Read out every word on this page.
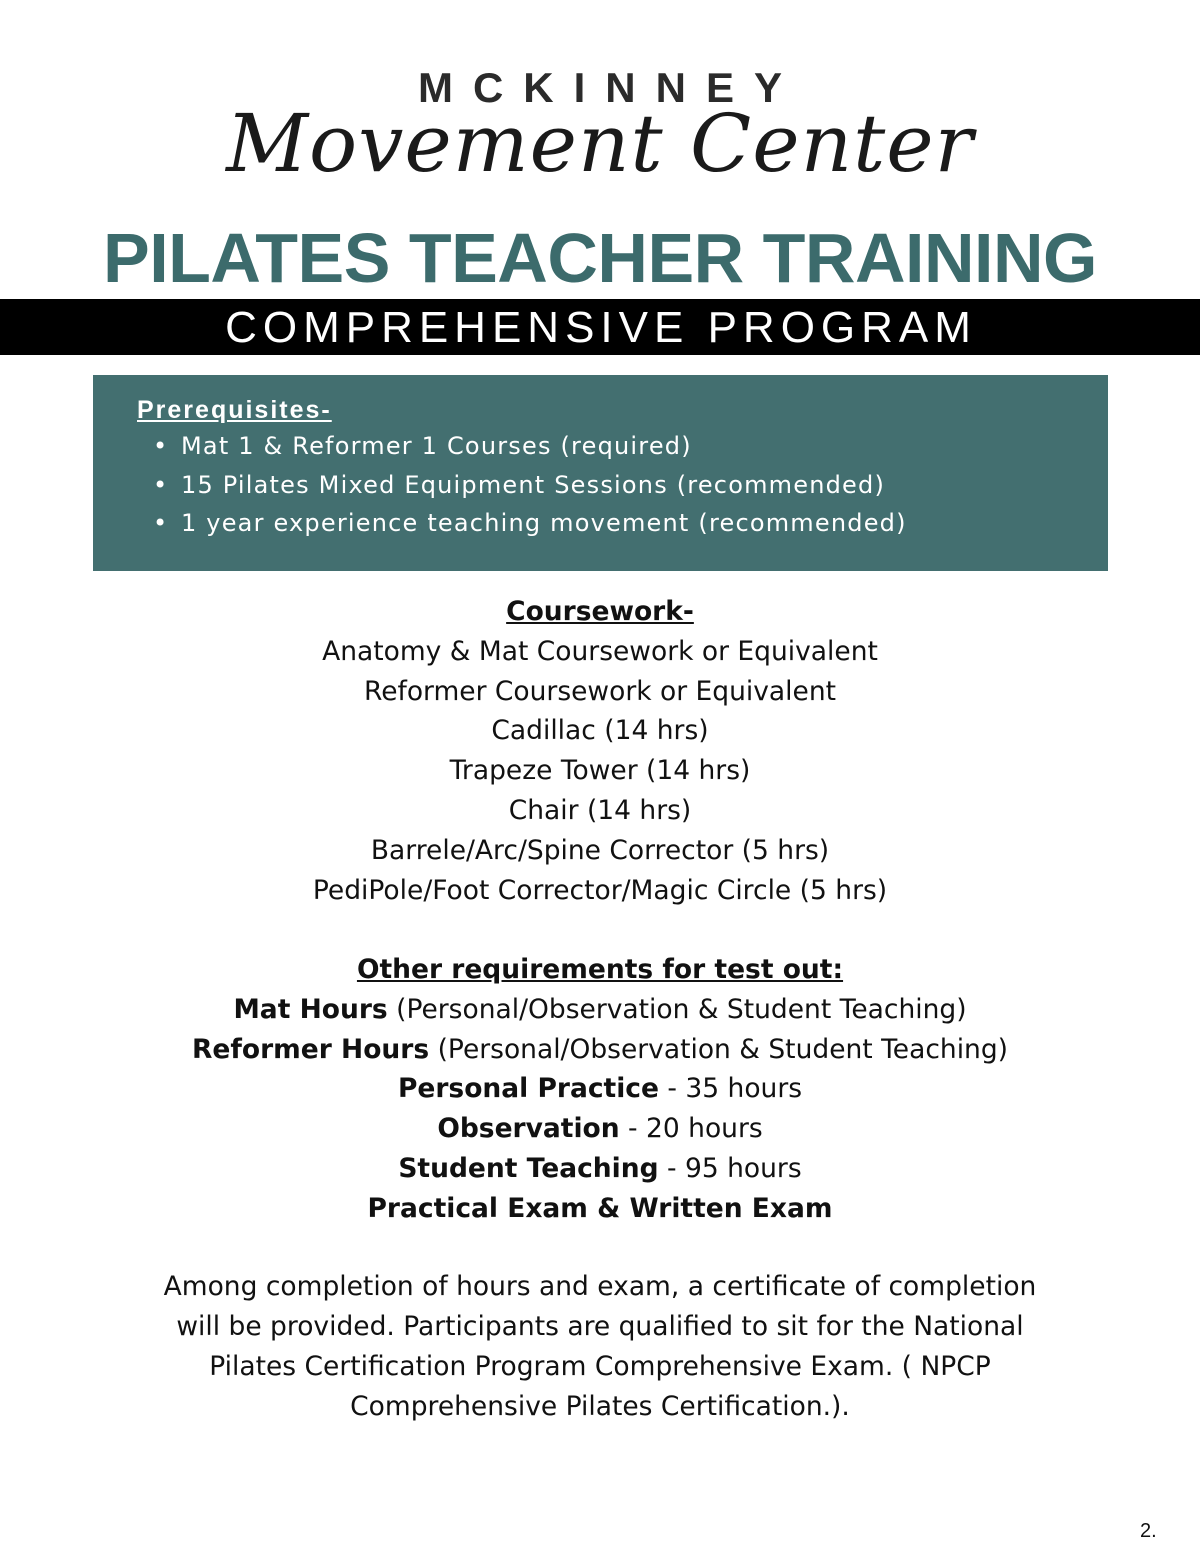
MCKINNEY
Movement Center
PILATES TEACHER TRAINING
COMPREHENSIVE PROGRAM
Prerequisites-
• Mat 1 & Reformer 1 Courses (required)
• 15 Pilates Mixed Equipment Sessions (recommended)
• 1 year experience teaching movement (recommended)
Coursework-
Anatomy & Mat Coursework or Equivalent
Reformer Coursework or Equivalent
Cadillac (14 hrs)
Trapeze Tower (14 hrs)
Chair (14 hrs)
Barrele/Arc/Spine Corrector (5 hrs)
PediPole/Foot Corrector/Magic Circle (5 hrs)
Other requirements for test out:
Mat Hours (Personal/Observation & Student Teaching)
Reformer Hours (Personal/Observation & Student Teaching)
Personal Practice - 35 hours
Observation - 20 hours
Student Teaching - 95 hours
Practical Exam & Written Exam
Among completion of hours and exam, a certificate of completion
will be provided. Participants are qualified to sit for the National
Pilates Certification Program Comprehensive Exam. ( NPCP
Comprehensive Pilates Certification.).
2.
